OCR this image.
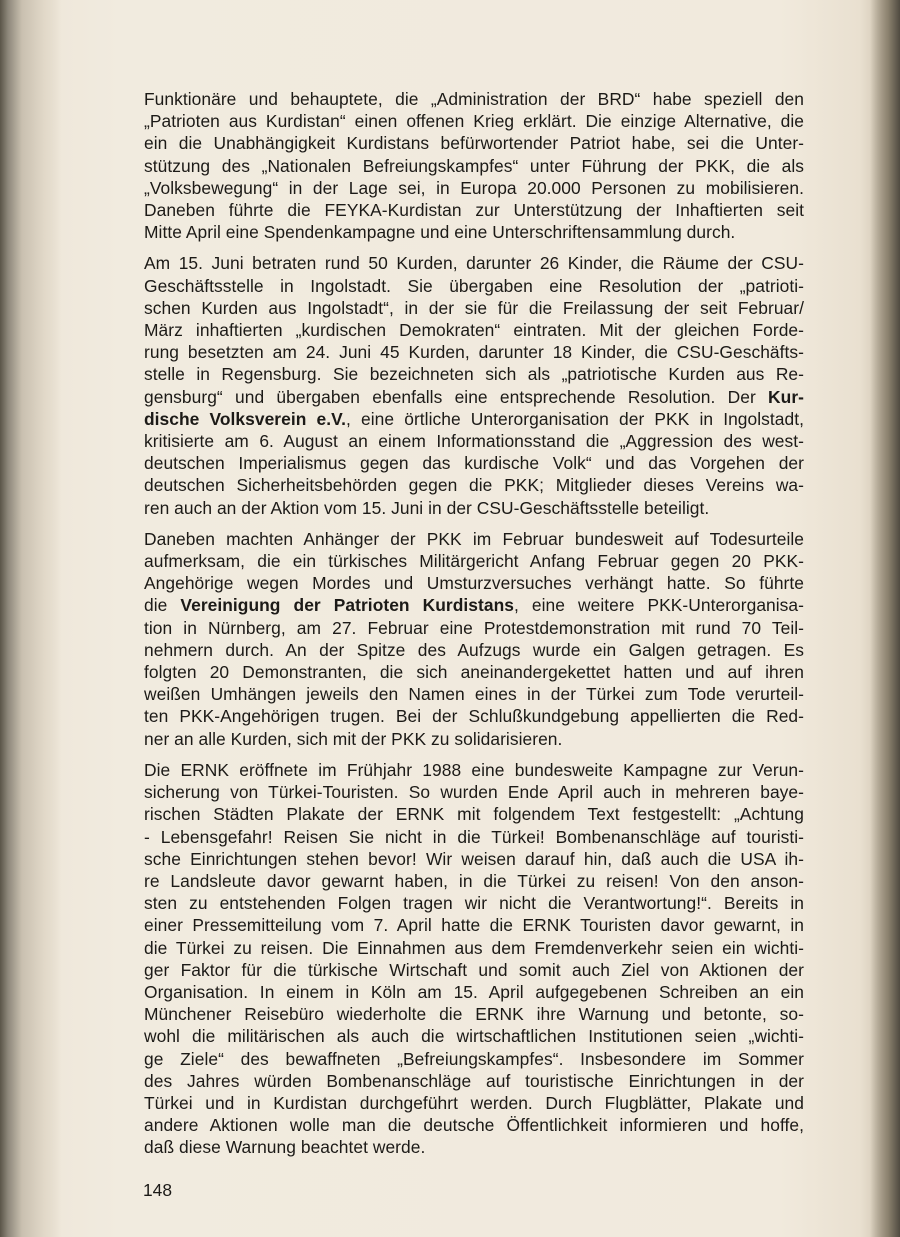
Funktionäre und behauptete, die „Administration der BRD“ habe speziell den
„Patrioten aus Kurdistan“ einen offenen Krieg erklärt. Die einzige Alternative, die
ein die Unabhängigkeit Kurdistans befürwortender Patriot habe, sei die Unter-
stützung des „Nationalen Befreiungskampfes“ unter Führung der PKK, die als
„Volksbewegung“ in der Lage sei, in Europa 20.000 Personen zu mobilisieren.
Daneben führte die FEYKA-Kurdistan zur Unterstützung der Inhaftierten seit
Mitte April eine Spendenkampagne und eine Unterschriftensammlung durch.
Am 15. Juni betraten rund 50 Kurden, darunter 26 Kinder, die Räume der CSU-
Geschäftsstelle in Ingolstadt. Sie übergaben eine Resolution der „patrioti-
schen Kurden aus Ingolstadt“, in der sie für die Freilassung der seit Februar/
März inhaftierten „kurdischen Demokraten“ eintraten. Mit der gleichen Forde-
rung besetzten am 24. Juni 45 Kurden, darunter 18 Kinder, die CSU-Geschäfts-
stelle in Regensburg. Sie bezeichneten sich als „patriotische Kurden aus Re-
gensburg“ und übergaben ebenfalls eine entsprechende Resolution. Der Kur-
dische Volksverein e.V., eine örtliche Unterorganisation der PKK in Ingolstadt,
kritisierte am 6. August an einem Informationsstand die „Aggression des west-
deutschen Imperialismus gegen das kurdische Volk“ und das Vorgehen der
deutschen Sicherheitsbehörden gegen die PKK; Mitglieder dieses Vereins wa-
ren auch an der Aktion vom 15. Juni in der CSU-Geschäftsstelle beteiligt.
Daneben machten Anhänger der PKK im Februar bundesweit auf Todesurteile
aufmerksam, die ein türkisches Militärgericht Anfang Februar gegen 20 PKK-
Angehörige wegen Mordes und Umsturzversuches verhängt hatte. So führte
die Vereinigung der Patrioten Kurdistans, eine weitere PKK-Unterorganisa-
tion in Nürnberg, am 27. Februar eine Protestdemonstration mit rund 70 Teil-
nehmern durch. An der Spitze des Aufzugs wurde ein Galgen getragen. Es
folgten 20 Demonstranten, die sich aneinandergekettet hatten und auf ihren
weißen Umhängen jeweils den Namen eines in der Türkei zum Tode verurteil-
ten PKK-Angehörigen trugen. Bei der Schlußkundgebung appellierten die Red-
ner an alle Kurden, sich mit der PKK zu solidarisieren.
Die ERNK eröffnete im Frühjahr 1988 eine bundesweite Kampagne zur Verun-
sicherung von Türkei-Touristen. So wurden Ende April auch in mehreren baye-
rischen Städten Plakate der ERNK mit folgendem Text festgestellt: „Achtung
- Lebensgefahr! Reisen Sie nicht in die Türkei! Bombenanschläge auf touristi-
sche Einrichtungen stehen bevor! Wir weisen darauf hin, daß auch die USA ih-
re Landsleute davor gewarnt haben, in die Türkei zu reisen! Von den anson-
sten zu entstehenden Folgen tragen wir nicht die Verantwortung!“. Bereits in
einer Pressemitteilung vom 7. April hatte die ERNK Touristen davor gewarnt, in
die Türkei zu reisen. Die Einnahmen aus dem Fremdenverkehr seien ein wichti-
ger Faktor für die türkische Wirtschaft und somit auch Ziel von Aktionen der
Organisation. In einem in Köln am 15. April aufgegebenen Schreiben an ein
Münchener Reisebüro wiederholte die ERNK ihre Warnung und betonte, so-
wohl die militärischen als auch die wirtschaftlichen Institutionen seien „wichti-
ge Ziele“ des bewaffneten „Befreiungskampfes“. Insbesondere im Sommer
des Jahres würden Bombenanschläge auf touristische Einrichtungen in der
Türkei und in Kurdistan durchgeführt werden. Durch Flugblätter, Plakate und
andere Aktionen wolle man die deutsche Öffentlichkeit informieren und hoffe,
daß diese Warnung beachtet werde.
148
